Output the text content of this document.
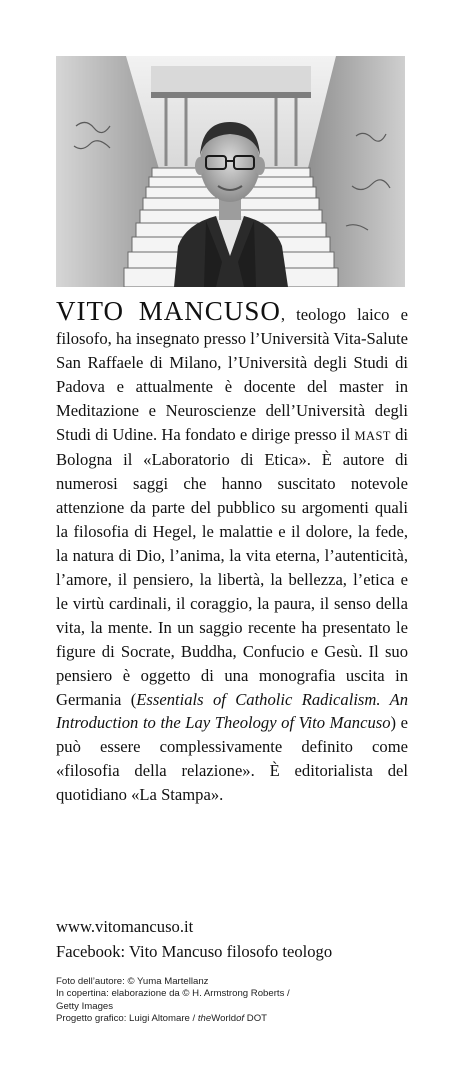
VITO MANCUSO, teologo laico e filosofo, ha insegnato presso l’Università Vita-Salute San Raffaele di Milano, l’Università degli Studi di Padova e attualmente è docente del master in Meditazione e Neuroscienze dell’Università degli Studi di Udine. Ha fondato e dirige presso il MAST di Bologna il «Laboratorio di Etica». È autore di numerosi saggi che hanno suscitato notevole attenzione da parte del pubblico su argomenti quali la filosofia di Hegel, le malattie e il dolore, la fede, la natura di Dio, l’anima, la vita eterna, l’autenticità, l’amore, il pensiero, la libertà, la bellezza, l’etica e le virtù cardinali, il coraggio, la paura, il senso della vita, la mente. In un saggio recente ha presentato le figure di Socrate, Buddha, Confucio e Gesù. Il suo pensiero è oggetto di una monografia uscita in Germania (Essentials of Catholic Radicalism. An Introduction to the Lay Theology of Vito Mancuso) e può essere complessivamente definito come «filosofia della relazione». È editorialista del quotidiano «La Stampa».

www.vitomancuso.it
Facebook: Vito Mancuso filosofo teologo
Foto dell’autore: © Yuma Martellanz
In copertina: elaborazione da © H. Armstrong Roberts /
Getty Images
Progetto grafico: Luigi Altomare / theWorldof DOT
